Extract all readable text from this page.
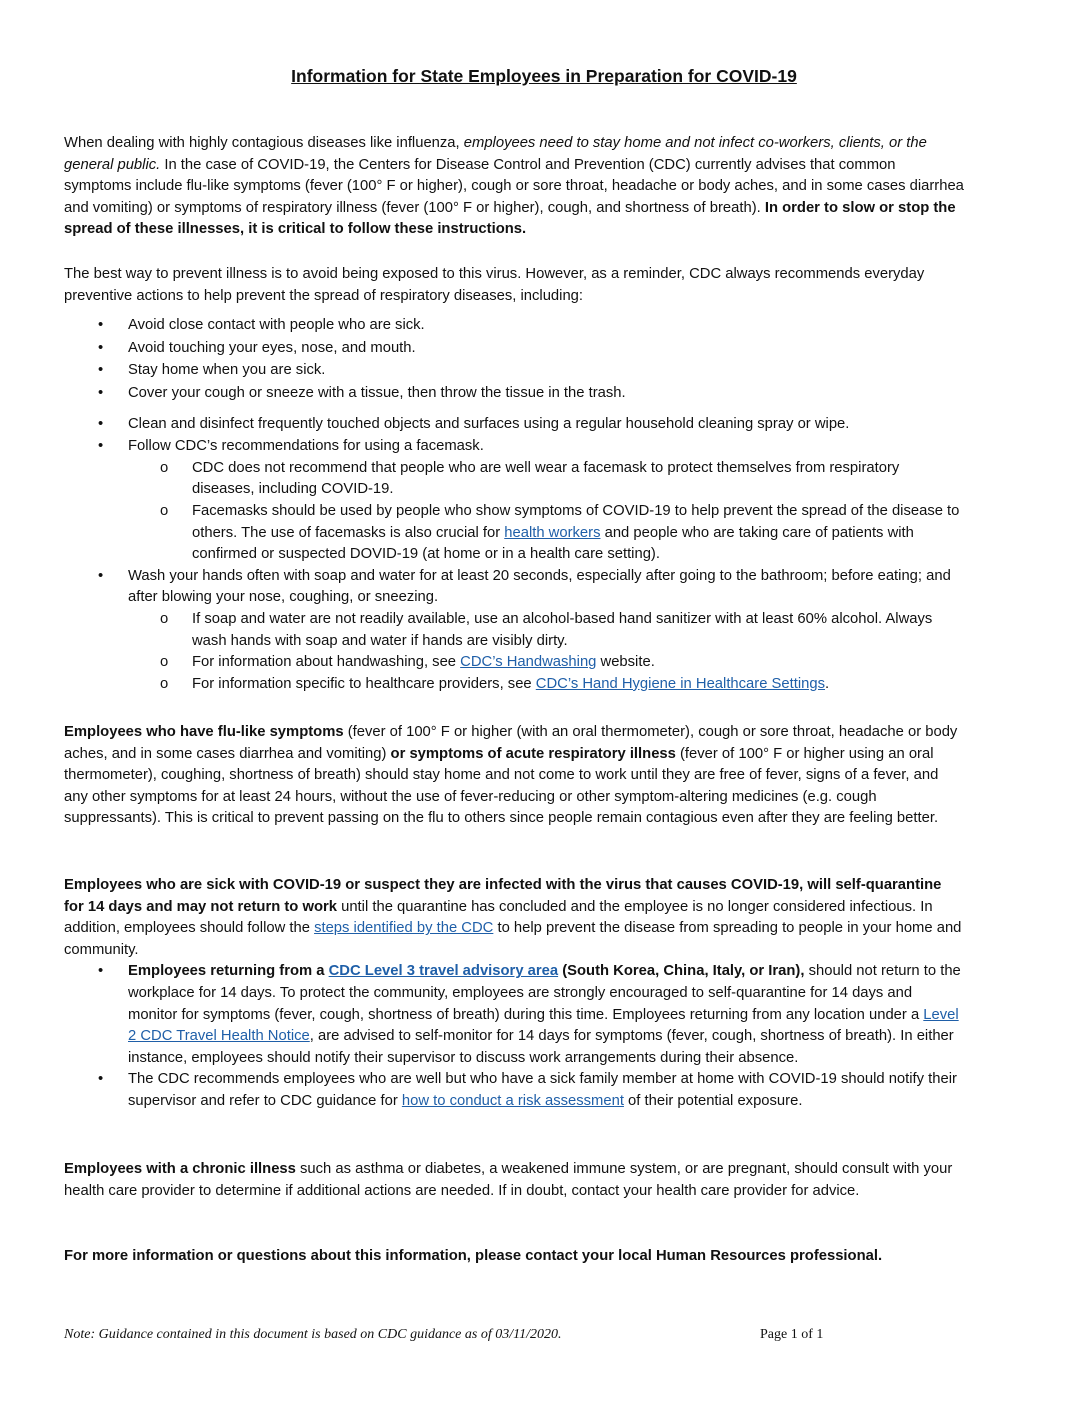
Information for State Employees in Preparation for COVID-19

When dealing with highly contagious diseases like influenza, employees need to stay home and not infect co-workers, clients, or the general public. In the case of COVID-19, the Centers for Disease Control and Prevention (CDC) currently advises that common symptoms include flu-like symptoms (fever (100° F or higher), cough or sore throat, headache or body aches, and in some cases diarrhea and vomiting) or symptoms of respiratory illness (fever (100° F or higher), cough, and shortness of breath). In order to slow or stop the spread of these illnesses, it is critical to follow these instructions.

The best way to prevent illness is to avoid being exposed to this virus. However, as a reminder, CDC always recommends everyday preventive actions to help prevent the spread of respiratory diseases, including:

• Avoid close contact with people who are sick.
• Avoid touching your eyes, nose, and mouth.
• Stay home when you are sick.
• Cover your cough or sneeze with a tissue, then throw the tissue in the trash.
• Clean and disinfect frequently touched objects and surfaces using a regular household cleaning spray or wipe.
• Follow CDC’s recommendations for using a facemask.
o CDC does not recommend that people who are well wear a facemask to protect themselves from respiratory diseases, including COVID-19.
o Facemasks should be used by people who show symptoms of COVID-19 to help prevent the spread of the disease to others. The use of facemasks is also crucial for health workers and people who are taking care of patients with confirmed or suspected DOVID-19 (at home or in a health care setting).
• Wash your hands often with soap and water for at least 20 seconds, especially after going to the bathroom; before eating; and after blowing your nose, coughing, or sneezing.
o If soap and water are not readily available, use an alcohol-based hand sanitizer with at least 60% alcohol. Always wash hands with soap and water if hands are visibly dirty.
o For information about handwashing, see CDC’s Handwashing website.
o For information specific to healthcare providers, see CDC’s Hand Hygiene in Healthcare Settings.

Employees who have flu-like symptoms (fever of 100° F or higher (with an oral thermometer), cough or sore throat, headache or body aches, and in some cases diarrhea and vomiting) or symptoms of acute respiratory illness (fever of 100° F or higher using an oral thermometer), coughing, shortness of breath) should stay home and not come to work until they are free of fever, signs of a fever, and any other symptoms for at least 24 hours, without the use of fever-reducing or other symptom-altering medicines (e.g. cough suppressants). This is critical to prevent passing on the flu to others since people remain contagious even after they are feeling better.

Employees who are sick with COVID-19 or suspect they are infected with the virus that causes COVID-19, will self-quarantine for 14 days and may not return to work until the quarantine has concluded and the employee is no longer considered infectious. In addition, employees should follow the steps identified by the CDC to help prevent the disease from spreading to people in your home and community.

• Employees returning from a CDC Level 3 travel advisory area (South Korea, China, Italy, or Iran), should not return to the workplace for 14 days. To protect the community, employees are strongly encouraged to self-quarantine for 14 days and monitor for symptoms (fever, cough, shortness of breath) during this time. Employees returning from any location under a Level 2 CDC Travel Health Notice, are advised to self-monitor for 14 days for symptoms (fever, cough, shortness of breath). In either instance, employees should notify their supervisor to discuss work arrangements during their absence.
• The CDC recommends employees who are well but who have a sick family member at home with COVID-19 should notify their supervisor and refer to CDC guidance for how to conduct a risk assessment of their potential exposure.

Employees with a chronic illness such as asthma or diabetes, a weakened immune system, or are pregnant, should consult with your health care provider to determine if additional actions are needed. If in doubt, contact your health care provider for advice.

For more information or questions about this information, please contact your local Human Resources professional.

Note: Guidance contained in this document is based on CDC guidance as of 03/11/2020.	Page 1 of 1
